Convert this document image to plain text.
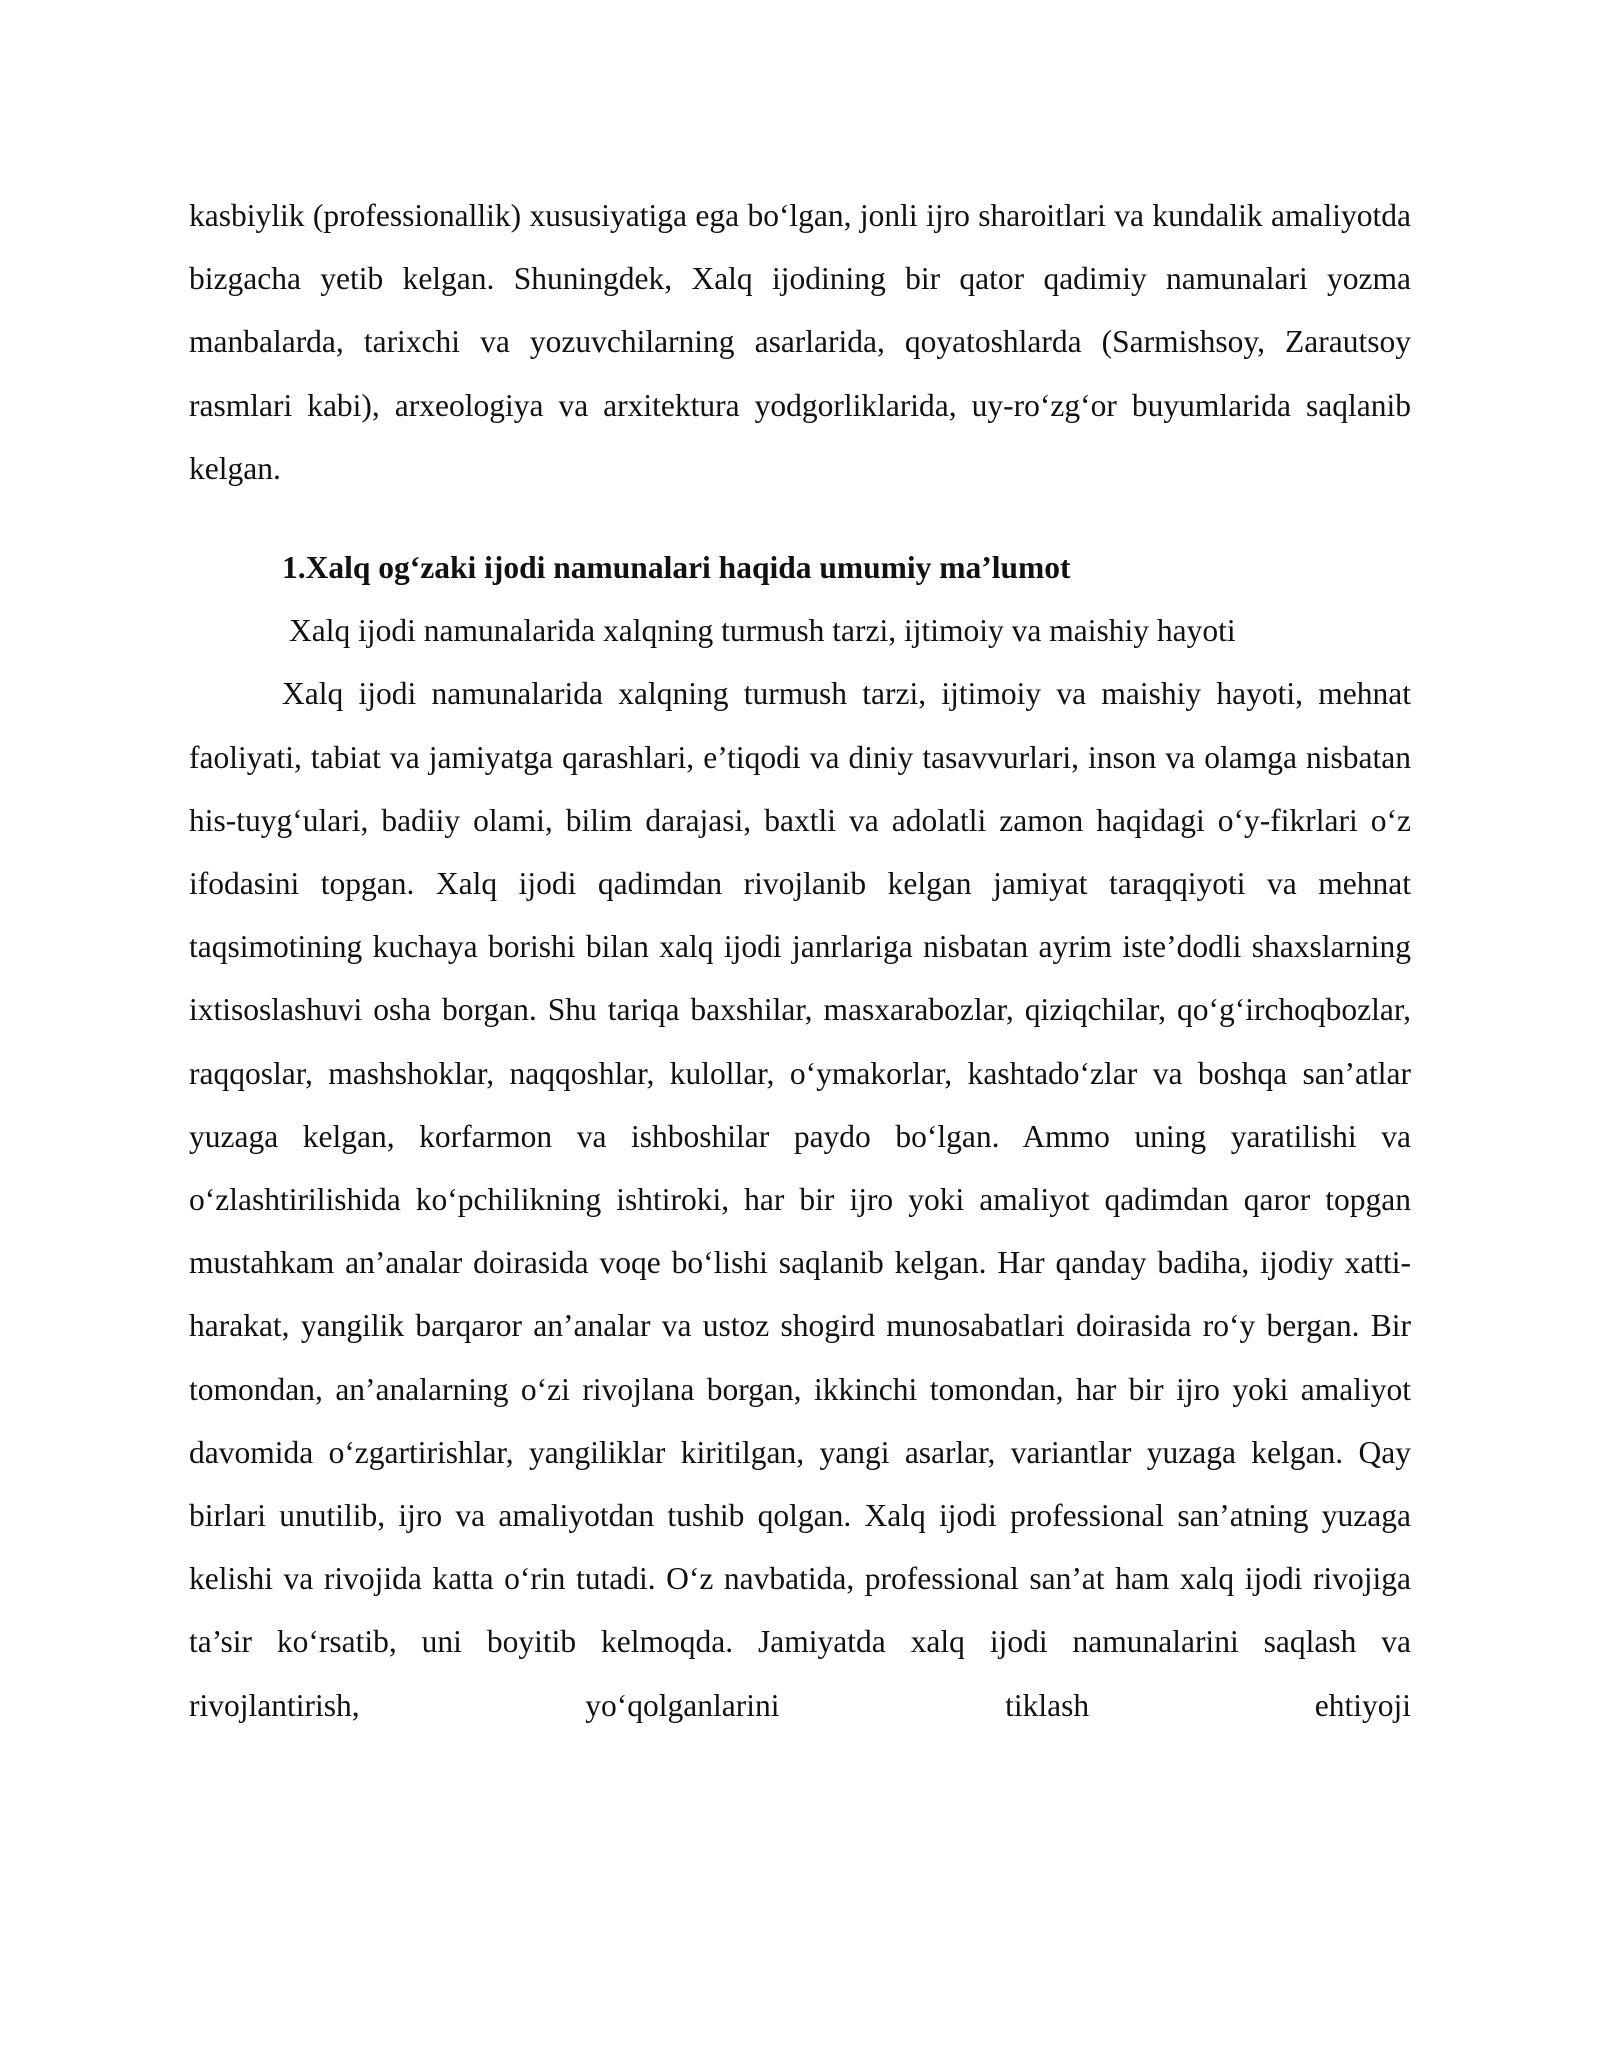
kasbiylik (professionallik) xususiyatiga ega bo‘lgan, jonli ijro sharoitlari va kundalik amaliyotda bizgacha yetib kelgan. Shuningdek, Xalq ijodining bir qator qadimiy namunalari yozma manbalarda, tarixchi va yozuvchilarning asarlarida, qoyatoshlarda (Sarmishsoy, Zarautsoy rasmlari kabi), arxeologiya va arxitektura yodgorliklarida, uy-ro‘zg‘or buyumlarida saqlanib kelgan.

1.Xalq og‘zaki ijodi namunalari haqida umumiy ma’lumot

Xalq ijodi namunalarida xalqning turmush tarzi, ijtimoiy va maishiy hayoti

Xalq ijodi namunalarida xalqning turmush tarzi, ijtimoiy va maishiy hayoti, mehnat faoliyati, tabiat va jamiyatga qarashlari, e’tiqodi va diniy tasavvurlari, inson va olamga nisbatan his-tuyg‘ulari, badiiy olami, bilim darajasi, baxtli va adolatli zamon haqidagi o‘y-fikrlari o‘z ifodasini topgan. Xalq ijodi qadimdan rivojlanib kelgan jamiyat taraqqiyoti va mehnat taqsimotining kuchaya borishi bilan xalq ijodi janrlariga nisbatan ayrim iste’dodli shaxslarning ixtisoslashuvi osha borgan. Shu tariqa baxshilar, masxarabozlar, qiziqchilar, qo‘g‘irchoqbozlar, raqqoslar, mashshoklar, naqqoshlar, kulollar, o‘ymakorlar, kashtado‘zlar va boshqa san’atlar yuzaga kelgan, korfarmon va ishboshilar paydo bo‘lgan. Ammo uning yaratilishi va o‘zlashtirilishida ko‘pchilikning ishtiroki, har bir ijro yoki amaliyot qadimdan qaror topgan mustahkam an’analar doirasida voqe bo‘lishi saqlanib kelgan. Har qanday badiha, ijodiy xatti-harakat, yangilik barqaror an’analar va ustoz shogird munosabatlari doirasida ro‘y bergan. Bir tomondan, an’analarning o‘zi rivojlana borgan, ikkinchi tomondan, har bir ijro yoki amaliyot davomida o‘zgartirishlar, yangiliklar kiritilgan, yangi asarlar, variantlar yuzaga kelgan. Qay birlari unutilib, ijro va amaliyotdan tushib qolgan. Xalq ijodi professional san’atning yuzaga kelishi va rivojida katta o‘rin tutadi. O‘z navbatida, professional san’at ham xalq ijodi rivojiga ta’sir ko‘rsatib, uni boyitib kelmoqda. Jamiyatda xalq ijodi namunalarini saqlash va rivojlantirish, yo‘qolganlarini tiklash ehtiyoji
